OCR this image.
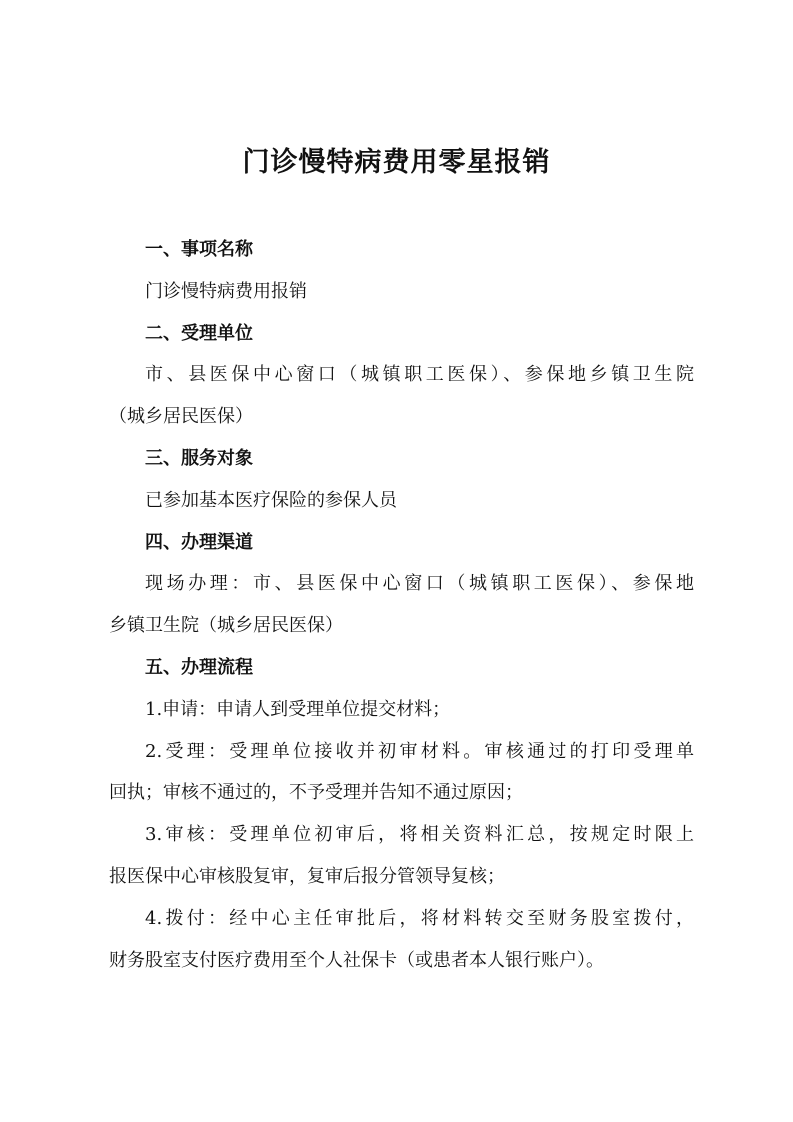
门诊慢特病费用零星报销
一、事项名称
门诊慢特病费用报销
二、受理单位
市、县医保中心窗口（城镇职工医保）、参保地乡镇卫生院
（城乡居民医保）
三、服务对象
已参加基本医疗保险的参保人员
四、办理渠道
现场办理：市、县医保中心窗口（城镇职工医保）、参保地
乡镇卫生院（城乡居民医保）
五、办理流程
1.申请：申请人到受理单位提交材料；
2.受理：受理单位接收并初审材料。审核通过的打印受理单
回执；审核不通过的，不予受理并告知不通过原因；
3.审核：受理单位初审后，将相关资料汇总，按规定时限上
报医保中心审核股复审，复审后报分管领导复核；
4.拨付：经中心主任审批后，将材料转交至财务股室拨付，
财务股室支付医疗费用至个人社保卡（或患者本人银行账户）。
